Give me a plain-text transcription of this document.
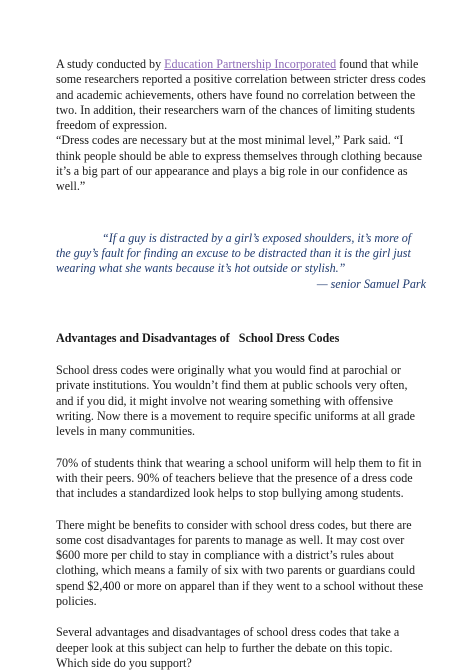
A study conducted by Education Partnership Incorporated found that while some researchers reported a positive correlation between stricter dress codes and academic achievements, others have found no correlation between the two. In addition, their researchers warn of the chances of limiting students freedom of expression.

“Dress codes are necessary but at the most minimal level,” Park said. “I think people should be able to express themselves through clothing because it’s a big part of our appearance and plays a big role in our confidence as well.”

“If a guy is distracted by a girl’s exposed shoulders, it’s more of the guy’s fault for finding an excuse to be distracted than it is the girl just wearing what she wants because it’s hot outside or stylish.”

— senior Samuel Park

Advantages and Disadvantages of   School Dress Codes

School dress codes were originally what you would find at parochial or private institutions. You wouldn’t find them at public schools very often, and if you did, it might involve not wearing something with offensive writing. Now there is a movement to require specific uniforms at all grade levels in many communities.

70% of students think that wearing a school uniform will help them to fit in with their peers. 90% of teachers believe that the presence of a dress code that includes a standardized look helps to stop bullying among students.

There might be benefits to consider with school dress codes, but there are some cost disadvantages for parents to manage as well. It may cost over $600 more per child to stay in compliance with a district’s rules about clothing, which means a family of six with two parents or guardians could spend $2,400 or more on apparel than if they went to a school without these policies.

Several advantages and disadvantages of school dress codes that take a deeper look at this subject can help to further the debate on this topic. Which side do you support?
